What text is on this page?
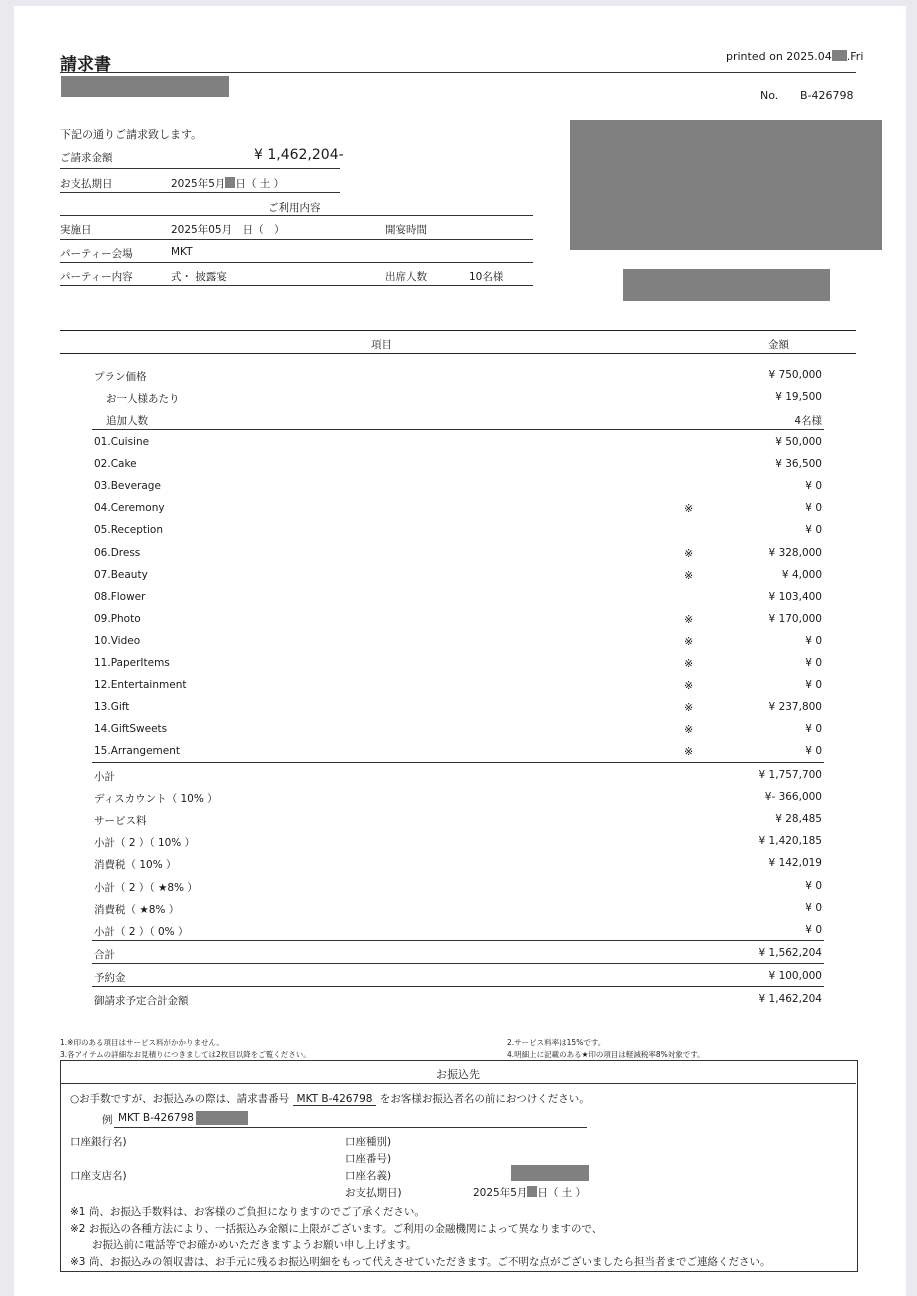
請求書	printed on 2025.04 .Fri
No. B-426798
下記の通りご請求致します。
ご請求金額	¥ 1,462,204-
お支払期日	2025年5月 日（ 土 ）
ご利用内容
実施日	2025年05月　日（　）	開宴時間
パーティー会場	MKT
パーティー内容	式・ 披露宴	出席人数	10名様
項目	金額
プラン価格	¥ 750,000
お一人様あたり	¥ 19,500
追加人数	4名様
01.Cuisine	¥ 50,000
02.Cake	¥ 36,500
03.Beverage	¥ 0
04.Ceremony	※	¥ 0
05.Reception	¥ 0
06.Dress	※	¥ 328,000
07.Beauty	※	¥ 4,000
08.Flower	¥ 103,400
09.Photo	※	¥ 170,000
10.Video	※	¥ 0
11.PaperItems	※	¥ 0
12.Entertainment	※	¥ 0
13.Gift	※	¥ 237,800
14.GiftSweets	※	¥ 0
15.Arrangement	※	¥ 0
小計	¥ 1,757,700
ディスカウント（ 10% ）	¥- 366,000
サービス料	¥ 28,485
小計（ 2 ）（ 10% ）	¥ 1,420,185
消費税（ 10% ）	¥ 142,019
小計（ 2 ）（ ★8% ）	¥ 0
消費税（ ★8% ）	¥ 0
小計（ 2 ）（ 0% ）	¥ 0
合計	¥ 1,562,204
予約金	¥ 100,000
御請求予定合計金額	¥ 1,462,204
1.※印のある項目はサービス料がかかりません。	2.サービス料率は15%です。
3.各アイテムの詳細なお見積りにつきましては2枚目以降をご覧ください。	4.明細上に記載のある★印の項目は軽減税率8%対象です。
お振込先
○お手数ですが、お振込みの際は、請求書番号 MKT B-426798 をお客様お振込者名の前におつけください。
例 MKT B-426798
口座銀行名)	口座種別)
口座番号)
口座支店名)	口座名義)
お支払期日)	2025年5月 日（ 土 ）
※1 尚、お振込手数料は、お客様のご負担になりますのでご了承ください。
※2 お振込の各種方法により、一括振込み金額に上限がございます。ご利用の金融機関によって異なりますので、
お振込前に電話等でお確かめいただきますようお願い申し上げます。
※3 尚、お振込みの領収書は、お手元に残るお振込明細をもって代えさせていただきます。ご不明な点がございましたら担当者までご連絡ください。
